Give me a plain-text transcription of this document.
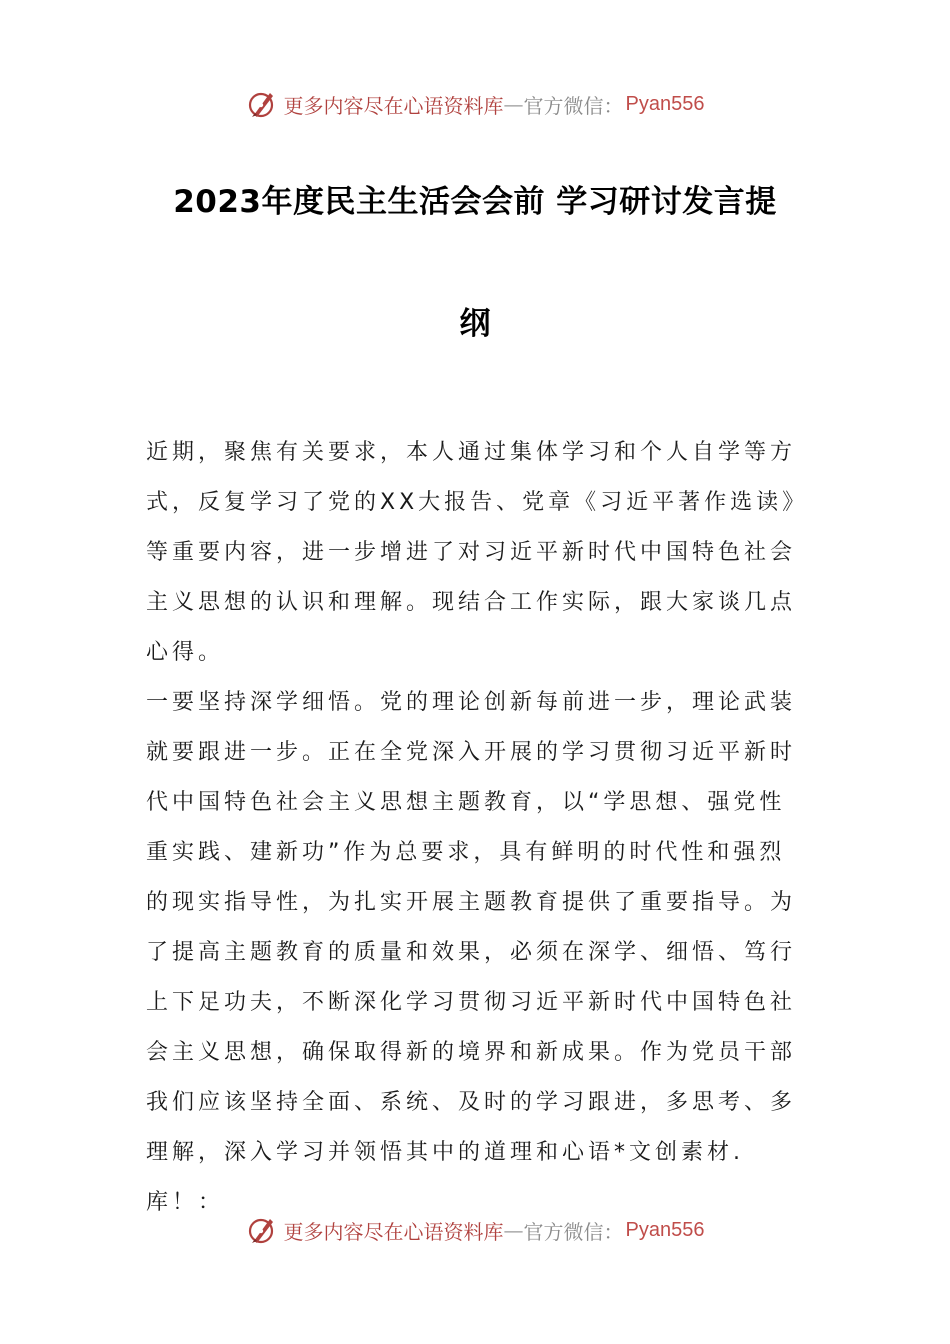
更多内容尽在心语资料库 — 官方微信： Pyan556
2023年度民主生活会会前 学习研讨发言提
纲

近期，聚焦有关要求，本人通过集体学习和个人自学等方式，反复学习了党的XX大报告、党章《习近平著作选读》等重要内容，进一步增进了对习近平新时代中国特色社会主义思想的认识和理解。现结合工作实际，跟大家谈几点心得。

一要坚持深学细悟。党的理论创新每前进一步，理论武装就要跟进一步。正在全党深入开展的学习贯彻习近平新时代中国特色社会主义思想主题教育，以“学思想、强党性重实践、建新功”作为总要求，具有鲜明的时代性和强烈的现实指导性，为扎实开展主题教育提供了重要指导。为了提高主题教育的质量和效果，必须在深学、细悟、笃行上下足功夫，不断深化学习贯彻习近平新时代中国特色社会主义思想，确保取得新的境界和新成果。作为党员干部我们应该坚持全面、系统、及时的学习跟进，多思考、多理解，深入学习并领悟其中的道理和心语*文创素材.库！：

更多内容尽在心语资料库 — 官方微信： Pyan556
